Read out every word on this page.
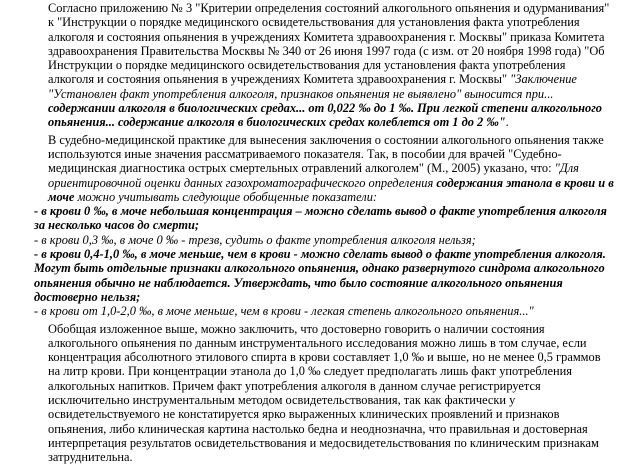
Согласно приложению № 3 "Критерии определения состояний алкогольного опьянения и одурманивания" к "Инструкции о порядке медицинского освидетельствования для установления факта употребления алкоголя и состояния опьянения в учреждениях Комитета здравоохранения г. Москвы" приказа Комитета здравоохранения Правительства Москвы № 340 от 26 июня 1997 года (с изм. от 20 ноября 1998 года) "Об Инструкции о порядке медицинского освидетельствования для установления факта употребления алкоголя и состояния опьянения в учреждениях Комитета здравоохранения г. Москвы" "Заключение "Установлен факт употребления алкоголя, признаков опьянения не выявлено" выносится при... содержании алкоголя в биологических средах... от 0,022 ‰ до 1 ‰. При легкой степени алкогольного опьянения... содержание алкоголя в биологических средах колеблется от 1 до 2 ‰".

В судебно-медицинской практике для вынесения заключения о состоянии алкогольного опьянения также используются иные значения рассматриваемого показателя. Так, в пособии для врачей "Судебно-медицинская диагностика острых смертельных отравлений алкоголем" (М., 2005) указано, что: "Для ориентировочной оценки данных газохроматографического определения содержания этанола в крови и в моче можно учитывать следующие обобщенные показатели:

- в крови 0 ‰, в моче небольшая концентрация – можно сделать вывод о факте употребления алкоголя за несколько часов до смерти;

- в крови 0,3 ‰, в моче 0 ‰ - трезв, судить о факте употребления алкоголя нельзя;

- в крови 0,4-1,0 ‰, в моче меньше, чем в крови - можно сделать вывод о факте употребления алкоголя. Могут быть отдельные признаки алкогольного опьянения, однако развернутого синдрома алкогольного опьянения обычно не наблюдается. Утверждать, что было состояние алкогольного опьянения достоверно нельзя;

- в крови от 1,0-2,0 ‰, в моче меньше, чем в крови - легкая степень алкогольного опьянения..."

Обобщая изложенное выше, можно заключить, что достоверно говорить о наличии состояния алкогольного опьянения по данным инструментального исследования можно лишь в том случае, если концентрация абсолютного этилового спирта в крови составляет 1,0 ‰ и выше, но не менее 0,5 граммов на литр крови. При концентрации этанола до 1,0 ‰ следует предполагать лишь факт употребления алкогольных напитков. Причем факт употребления алкоголя в данном случае регистрируется исключительно инструментальным методом освидетельствования, так как фактически у освидетельствуемого не констатируется ярко выраженных клинических проявлений и признаков опьянения, либо клиническая картина настолько бедна и неоднозначна, что правильная и достоверная интерпретация результатов освидетельствования и медосвидетельствования по клиническим признакам затруднительна.
